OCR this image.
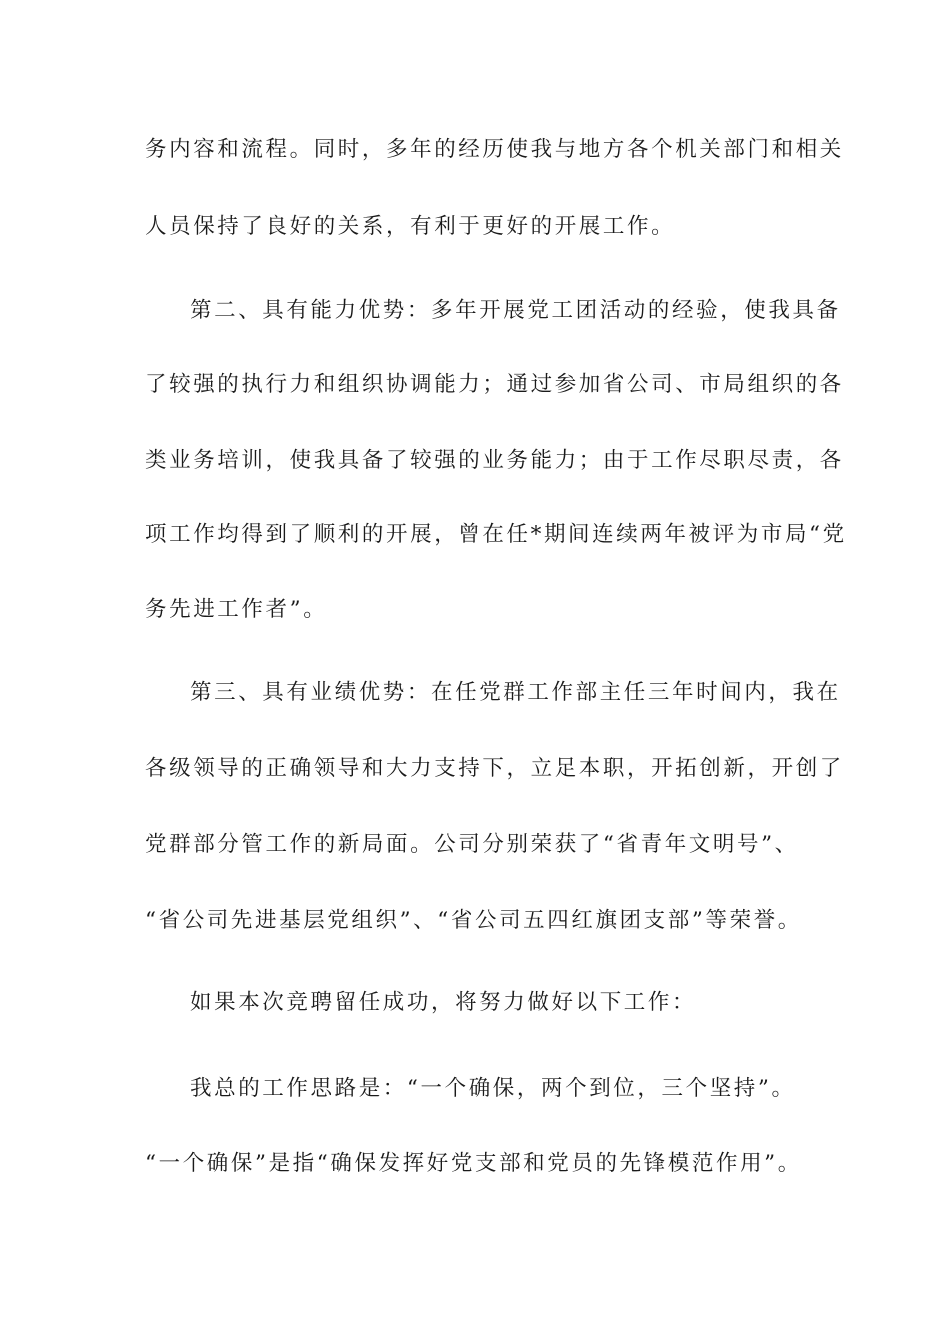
务内容和流程。同时，多年的经历使我与地方各个机关部门和相关
人员保持了良好的关系，有利于更好的开展工作。
第二、具有能力优势：多年开展党工团活动的经验，使我具备
了较强的执行力和组织协调能力；通过参加省公司、市局组织的各
类业务培训，使我具备了较强的业务能力；由于工作尽职尽责，各
项工作均得到了顺利的开展，曾在任*期间连续两年被评为市局“党
务先进工作者”。
第三、具有业绩优势：在任党群工作部主任三年时间内，我在
各级领导的正确领导和大力支持下，立足本职，开拓创新，开创了
党群部分管工作的新局面。公司分别荣获了“省青年文明号”、
“省公司先进基层党组织”、“省公司五四红旗团支部”等荣誉。
如果本次竞聘留任成功，将努力做好以下工作：
我总的工作思路是：“一个确保，两个到位，三个坚持”。
“一个确保”是指“确保发挥好党支部和党员的先锋模范作用”。
